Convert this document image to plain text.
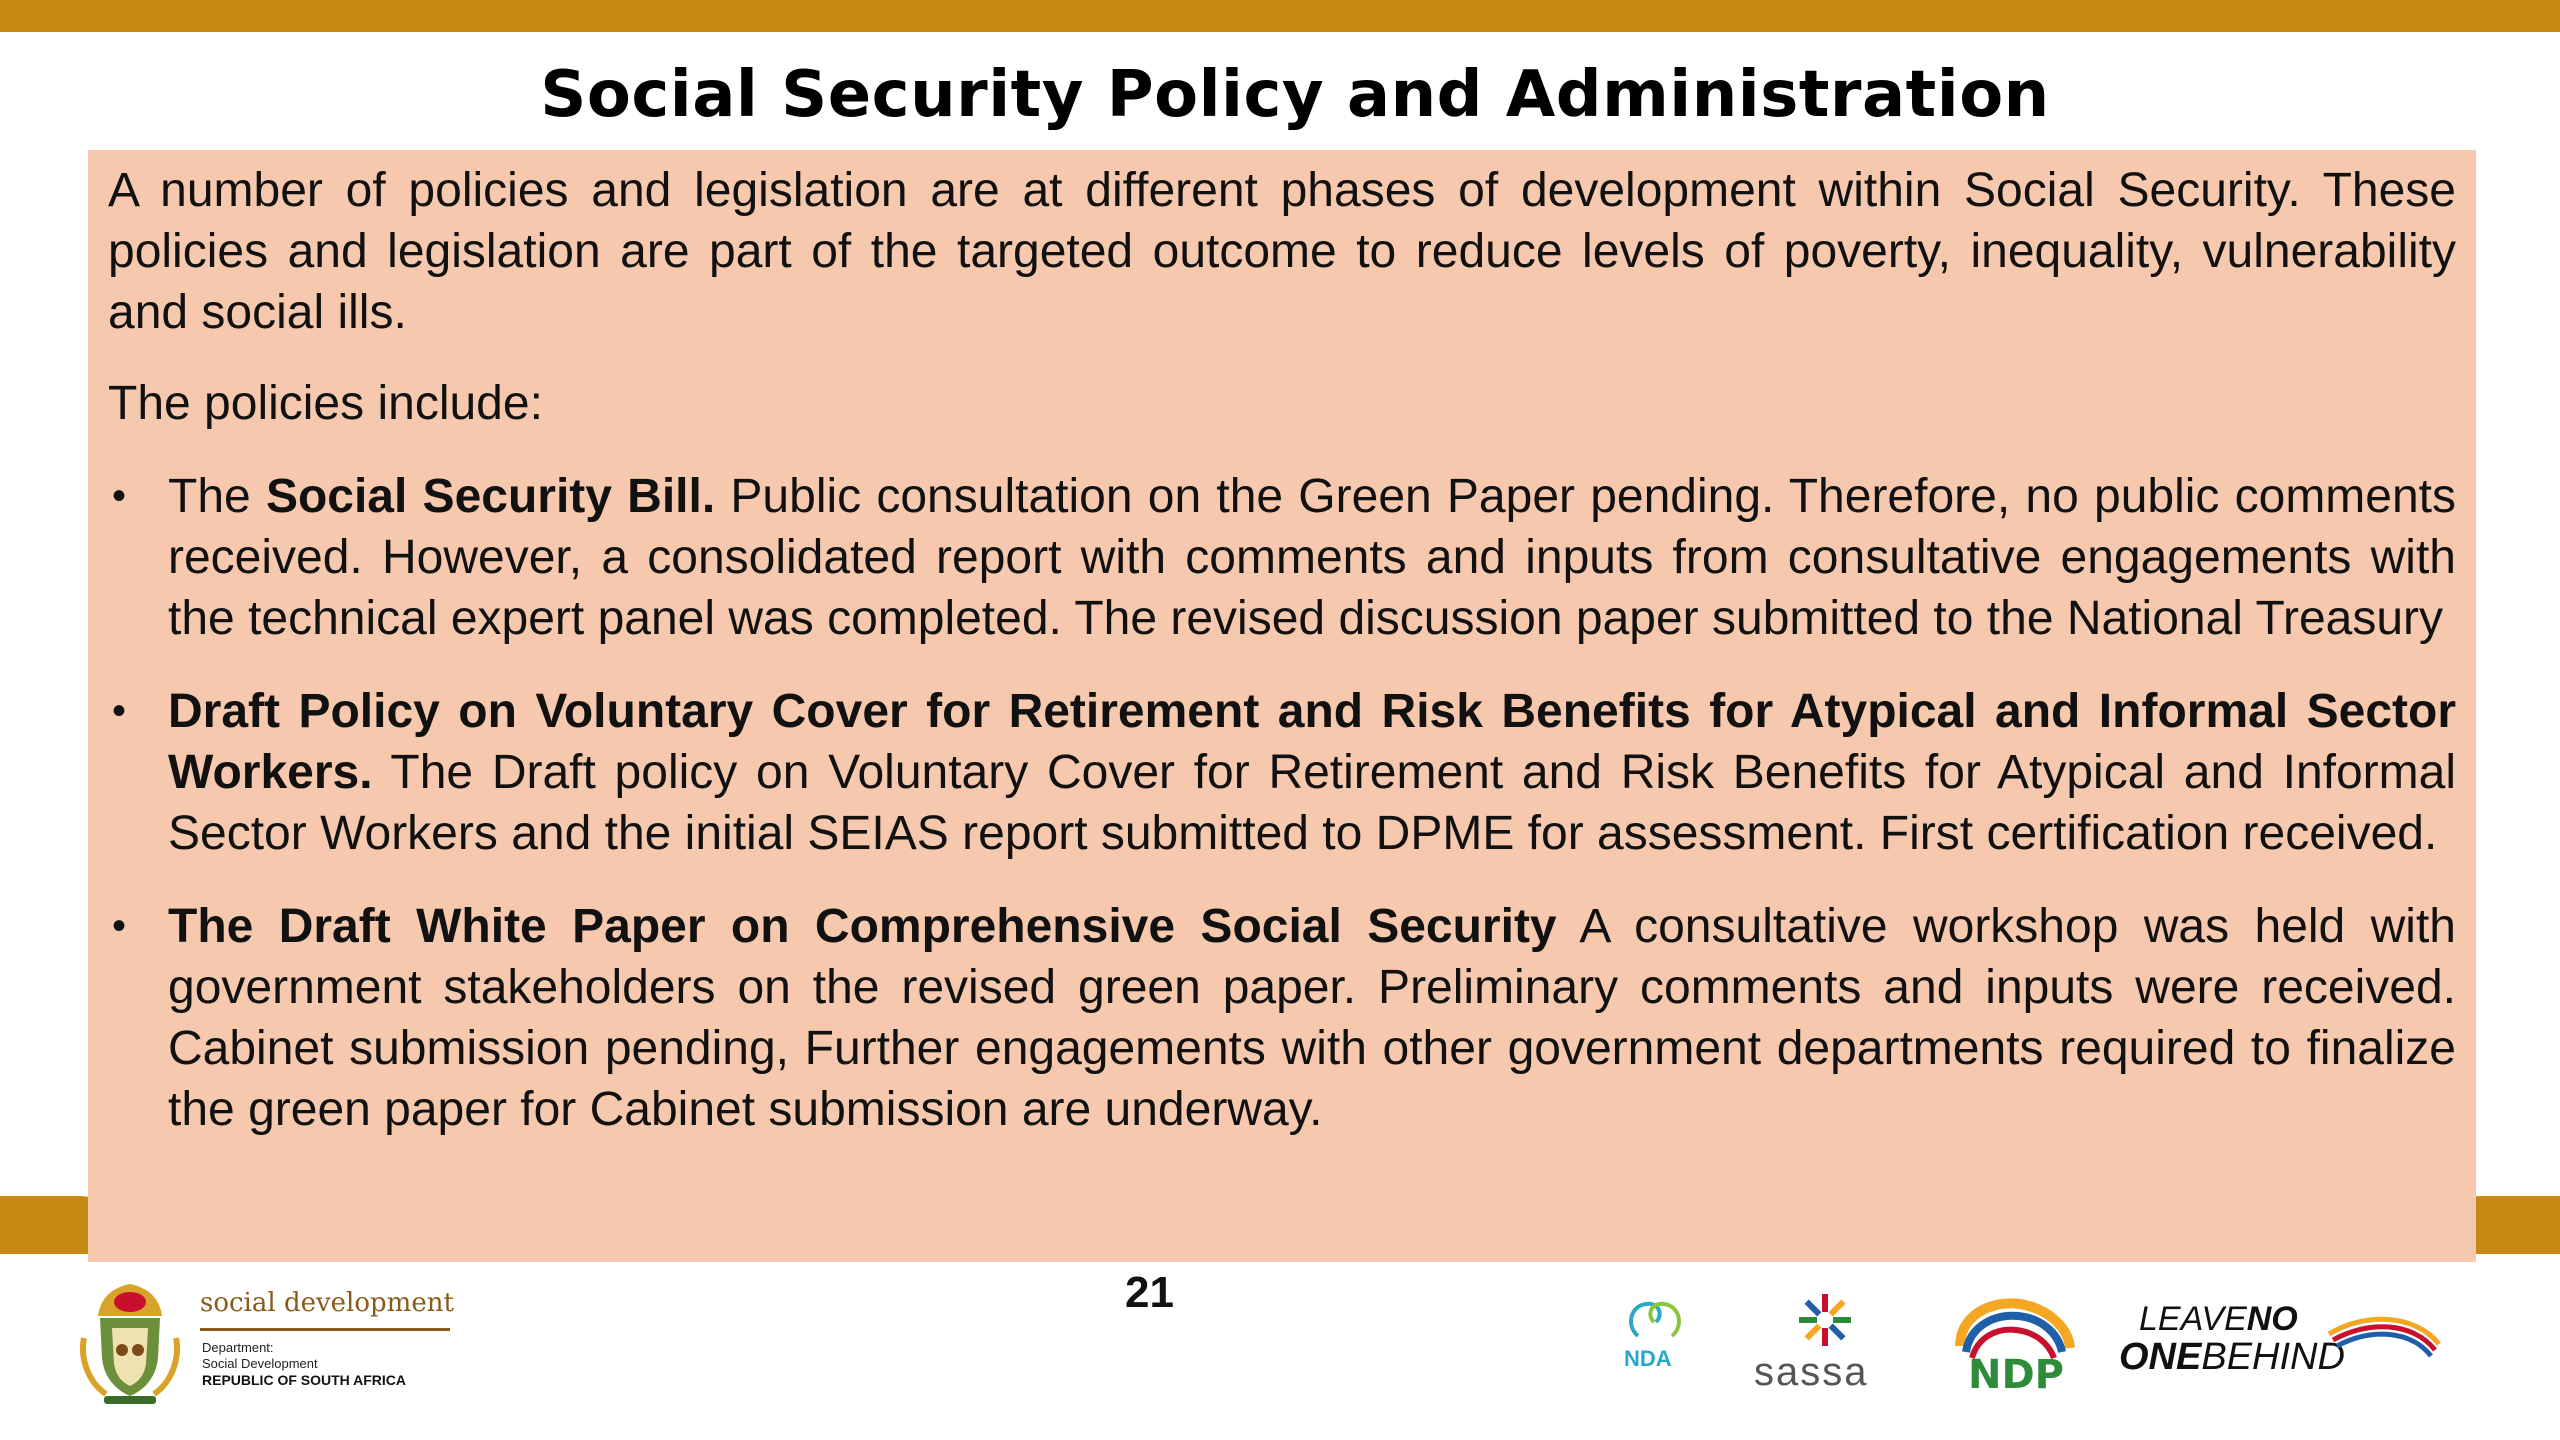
Social Security Policy and Administration

A number of policies and legislation are at different phases of development within Social Security. These policies and legislation are part of the targeted outcome to reduce levels of poverty, inequality, vulnerability and social ills.

The policies include:

• The Social Security Bill. Public consultation on the Green Paper pending. Therefore, no public comments received. However, a consolidated report with comments and inputs from consultative engagements with the technical expert panel was completed. The revised discussion paper submitted to the National Treasury
• Draft Policy on Voluntary Cover for Retirement and Risk Benefits for Atypical and Informal Sector Workers. The Draft policy on Voluntary Cover for Retirement and Risk Benefits for Atypical and Informal Sector Workers and the initial SEIAS report submitted to DPME for assessment. First certification received.
• The Draft White Paper on Comprehensive Social Security A consultative workshop was held with government stakeholders on the revised green paper. Preliminary comments and inputs were received. Cabinet submission pending, Further engagements with other government departments required to finalize the green paper for Cabinet submission are underway.
21
social development
Department:
Social Development
REPUBLIC OF SOUTH AFRICA
NDA sassa NDP
LEAVENO
ONEBEHIND
